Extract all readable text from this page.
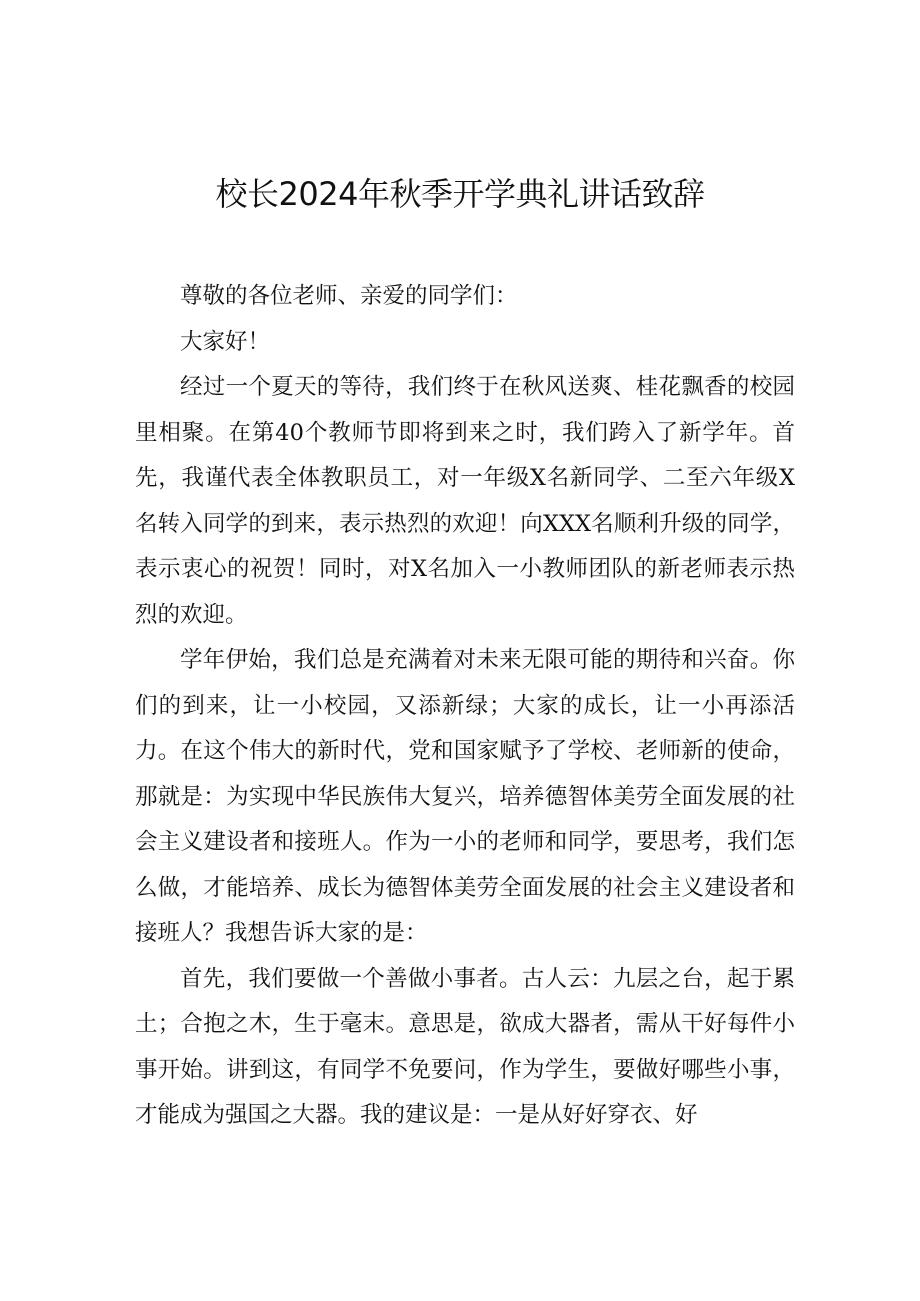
校长2024年秋季开学典礼讲话致辞

尊敬的各位老师、亲爱的同学们：

大家好！

经过一个夏天的等待，我们终于在秋风送爽、桂花飘香的校园里相聚。在第40个教师节即将到来之时，我们跨入了新学年。首先，我谨代表全体教职员工，对一年级X名新同学、二至六年级X名转入同学的到来，表示热烈的欢迎！向XXX名顺利升级的同学，表示衷心的祝贺！同时，对X名加入一小教师团队的新老师表示热烈的欢迎。

学年伊始，我们总是充满着对未来无限可能的期待和兴奋。你们的到来，让一小校园，又添新绿；大家的成长，让一小再添活力。在这个伟大的新时代，党和国家赋予了学校、老师新的使命，那就是：为实现中华民族伟大复兴，培养德智体美劳全面发展的社会主义建设者和接班人。作为一小的老师和同学，要思考，我们怎么做，才能培养、成长为德智体美劳全面发展的社会主义建设者和接班人？我想告诉大家的是：

首先，我们要做一个善做小事者。古人云：九层之台，起于累土；合抱之木，生于毫末。意思是，欲成大器者，需从干好每件小事开始。讲到这，有同学不免要问，作为学生，要做好哪些小事，才能成为强国之大器。我的建议是：一是从好好穿衣、好
